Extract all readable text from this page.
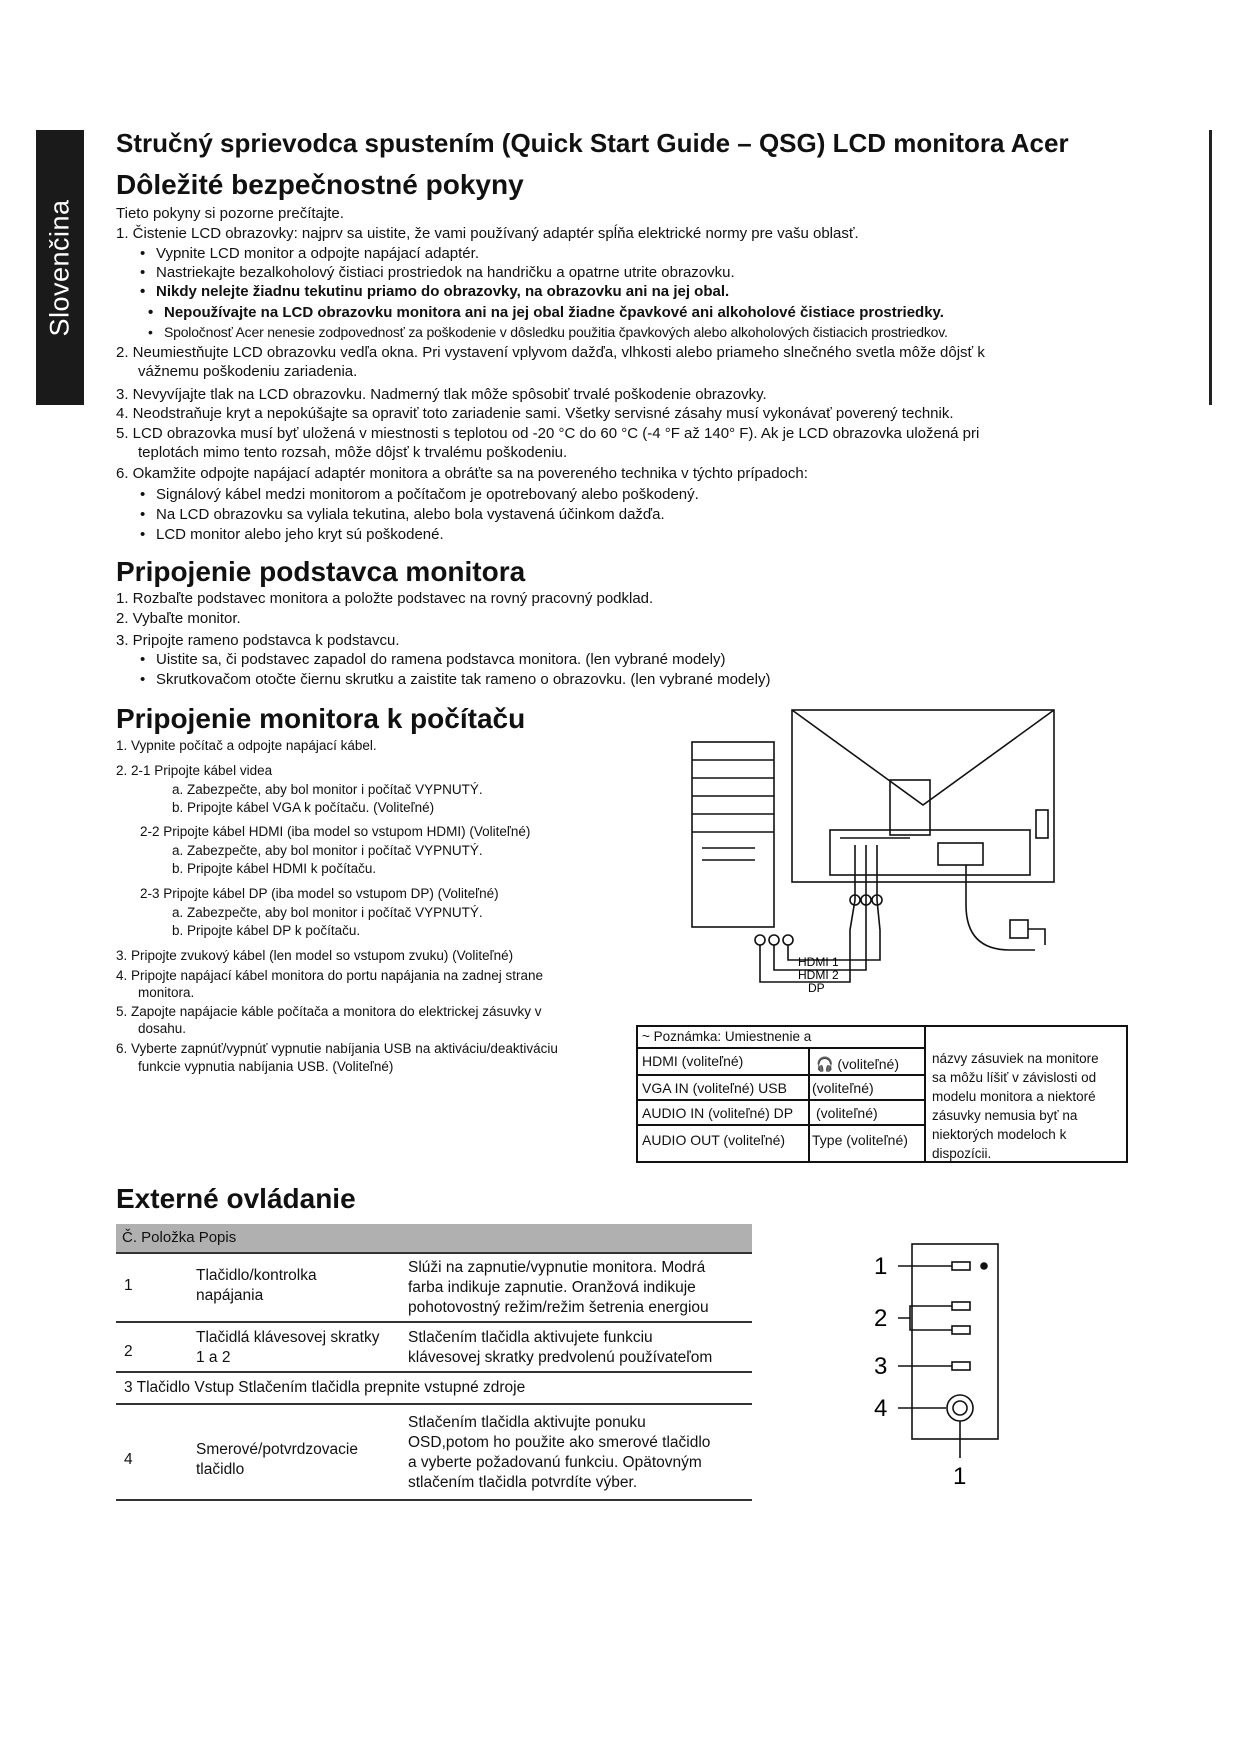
Slovenčina
Stručný sprievodca spustením (Quick Start Guide – QSG) LCD monitora Acer
Dôležité bezpečnostné pokyny
Tieto pokyny si pozorne prečítajte.
1. Čistenie LCD obrazovky: najprv sa uistite, že vami používaný adaptér spĺňa elektrické normy pre vašu oblasť.
• Vypnite LCD monitor a odpojte napájací adaptér.
• Nastriekajte bezalkoholový čistiaci prostriedok na handričku a opatrne utrite obrazovku.
• Nikdy nelejte žiadnu tekutinu priamo do obrazovky, na obrazovku ani na jej obal.
• Nepoužívajte na LCD obrazovku monitora ani na jej obal žiadne čpavkové ani alkoholové čistiace prostriedky.
• Spoločnosť Acer nenesie zodpovednosť za poškodenie v dôsledku použitia čpavkových alebo alkoholových čistiacich prostriedkov.
2. Neumiestňujte LCD obrazovku vedľa okna. Pri vystavení vplyvom dažďa, vlhkosti alebo priameho slnečného svetla môže dôjsť k
vážnemu poškodeniu zariadenia.
3. Nevyvíjajte tlak na LCD obrazovku. Nadmerný tlak môže spôsobiť trvalé poškodenie obrazovky.
4. Neodstraňuje kryt a nepokúšajte sa opraviť toto zariadenie sami. Všetky servisné zásahy musí vykonávať poverený technik.
5. LCD obrazovka musí byť uložená v miestnosti s teplotou od -20 °C do 60 °C (-4 °F až 140° F). Ak je LCD obrazovka uložená pri
teplotách mimo tento rozsah, môže dôjsť k trvalému poškodeniu.
6. Okamžite odpojte napájací adaptér monitora a obráťte sa na povereného technika v týchto prípadoch:
• Signálový kábel medzi monitorom a počítačom je opotrebovaný alebo poškodený.
• Na LCD obrazovku sa vyliala tekutina, alebo bola vystavená účinkom dažďa.
• LCD monitor alebo jeho kryt sú poškodené.
Pripojenie podstavca monitora
1. Rozbaľte podstavec monitora a položte podstavec na rovný pracovný podklad.
2. Vybaľte monitor.
3. Pripojte rameno podstavca k podstavcu.
• Uistite sa, či podstavec zapadol do ramena podstavca monitora. (len vybrané modely)
• Skrutkovačom otočte čiernu skrutku a zaistite tak rameno o obrazovku. (len vybrané modely)
Pripojenie monitora k počítaču
1. Vypnite počítač a odpojte napájací kábel.
2. 2-1 Pripojte kábel videa
a. Zabezpečte, aby bol monitor i počítač VYPNUTÝ.
b. Pripojte kábel VGA k počítaču. (Voliteľné)
2-2 Pripojte kábel HDMI (iba model so vstupom HDMI) (Voliteľné)
a. Zabezpečte, aby bol monitor i počítač VYPNUTÝ.
b. Pripojte kábel HDMI k počítaču.
2-3 Pripojte kábel DP (iba model so vstupom DP) (Voliteľné)
a. Zabezpečte, aby bol monitor i počítač VYPNUTÝ.
b. Pripojte kábel DP k počítaču.
3. Pripojte zvukový kábel (len model so vstupom zvuku) (Voliteľné)
4. Pripojte napájací kábel monitora do portu napájania na zadnej strane
monitora.
5. Zapojte napájacie káble počítača a monitora do elektrickej zásuvky v
dosahu.
6. Vyberte zapnúť/vypnúť vypnutie nabíjania USB na aktiváciu/deaktiváciu
funkcie vypnutia nabíjania USB. (Voliteľné)
HDMI 1
HDMI 2
DP
~ Poznámka: Umiestnenie a
HDMI (voliteľné)	🎧 (voliteľné)
VGA IN (voliteľné) USB (voliteľné)
AUDIO IN (voliteľné) DP (voliteľné)
AUDIO OUT (voliteľné) Type (voliteľné)
názvy zásuviek na monitore
sa môžu líšiť v závislosti od
modelu monitora a niektoré
zásuvky nemusia byť na
niektorých modeloch k
dispozícii.
Externé ovládanie
Č. Položka Popis
1
Tlačidlo/kontrolka
napájania
Slúži na zapnutie/vypnutie monitora. Modrá
farba indikuje zapnutie. Oranžová indikuje
pohotovostný režim/režim šetrenia energiou
2
Tlačidlá klávesovej skratky
1 a 2
Stlačením tlačidla aktivujete funkciu
klávesovej skratky predvolenú používateľom
3 Tlačidlo Vstup Stlačením tlačidla prepnite vstupné zdroje
4
Smerové/potvrdzovacie
tlačidlo
Stlačením tlačidla aktivujte ponuku
OSD,potom ho použite ako smerové tlačidlo
a vyberte požadovanú funkciu. Opätovným
stlačením tlačidla potvrdíte výber.
1
2
3
4
1
